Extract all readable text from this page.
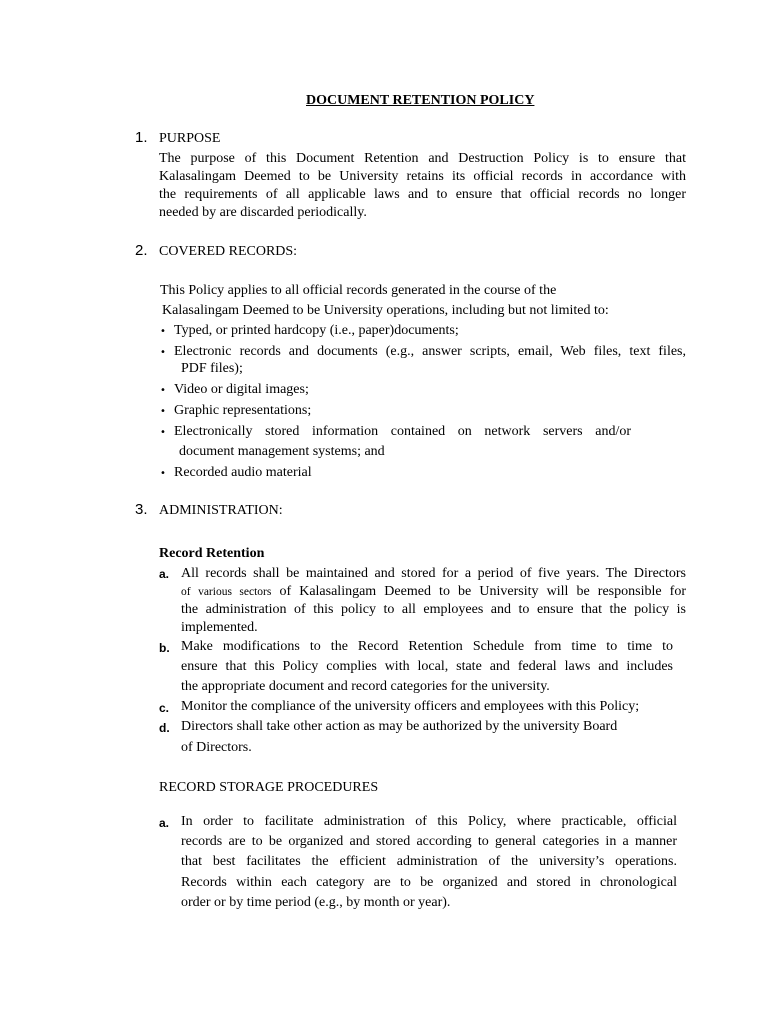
DOCUMENT RETENTION POLICY
1. PURPOSE
The purpose of this Document Retention and Destruction Policy is to ensure that
Kalasalingam Deemed to be University retains its official records in accordance with
the requirements of all applicable laws and to ensure that official records no longer
needed by are discarded periodically.
2. COVERED RECORDS:
This Policy applies to all official records generated in the course of the
Kalasalingam Deemed to be University operations, including but not limited to:
• Typed, or printed hardcopy (i.e., paper)documents;
• Electronic records and documents (e.g., answer scripts, email, Web files, text files,
PDF files);
• Video or digital images;
• Graphic representations;
• Electronically stored information contained on network servers and/or
document management systems; and
• Recorded audio material
3. ADMINISTRATION:
Record Retention
a. All records shall be maintained and stored for a period of five years. The Directors
of various sectors of Kalasalingam Deemed to be University will be responsible for
the administration of this policy to all employees and to ensure that the policy is
implemented.
b. Make modifications to the Record Retention Schedule from time to time to
ensure that this Policy complies with local, state and federal laws and includes
the appropriate document and record categories for the university.
c. Monitor the compliance of the university officers and employees with this Policy;
d. Directors shall take other action as may be authorized by the university Board
of Directors.
RECORD STORAGE PROCEDURES
a. In order to facilitate administration of this Policy, where practicable, official
records are to be organized and stored according to general categories in a manner
that best facilitates the efficient administration of the university’s operations.
Records within each category are to be organized and stored in chronological
order or by time period (e.g., by month or year).
